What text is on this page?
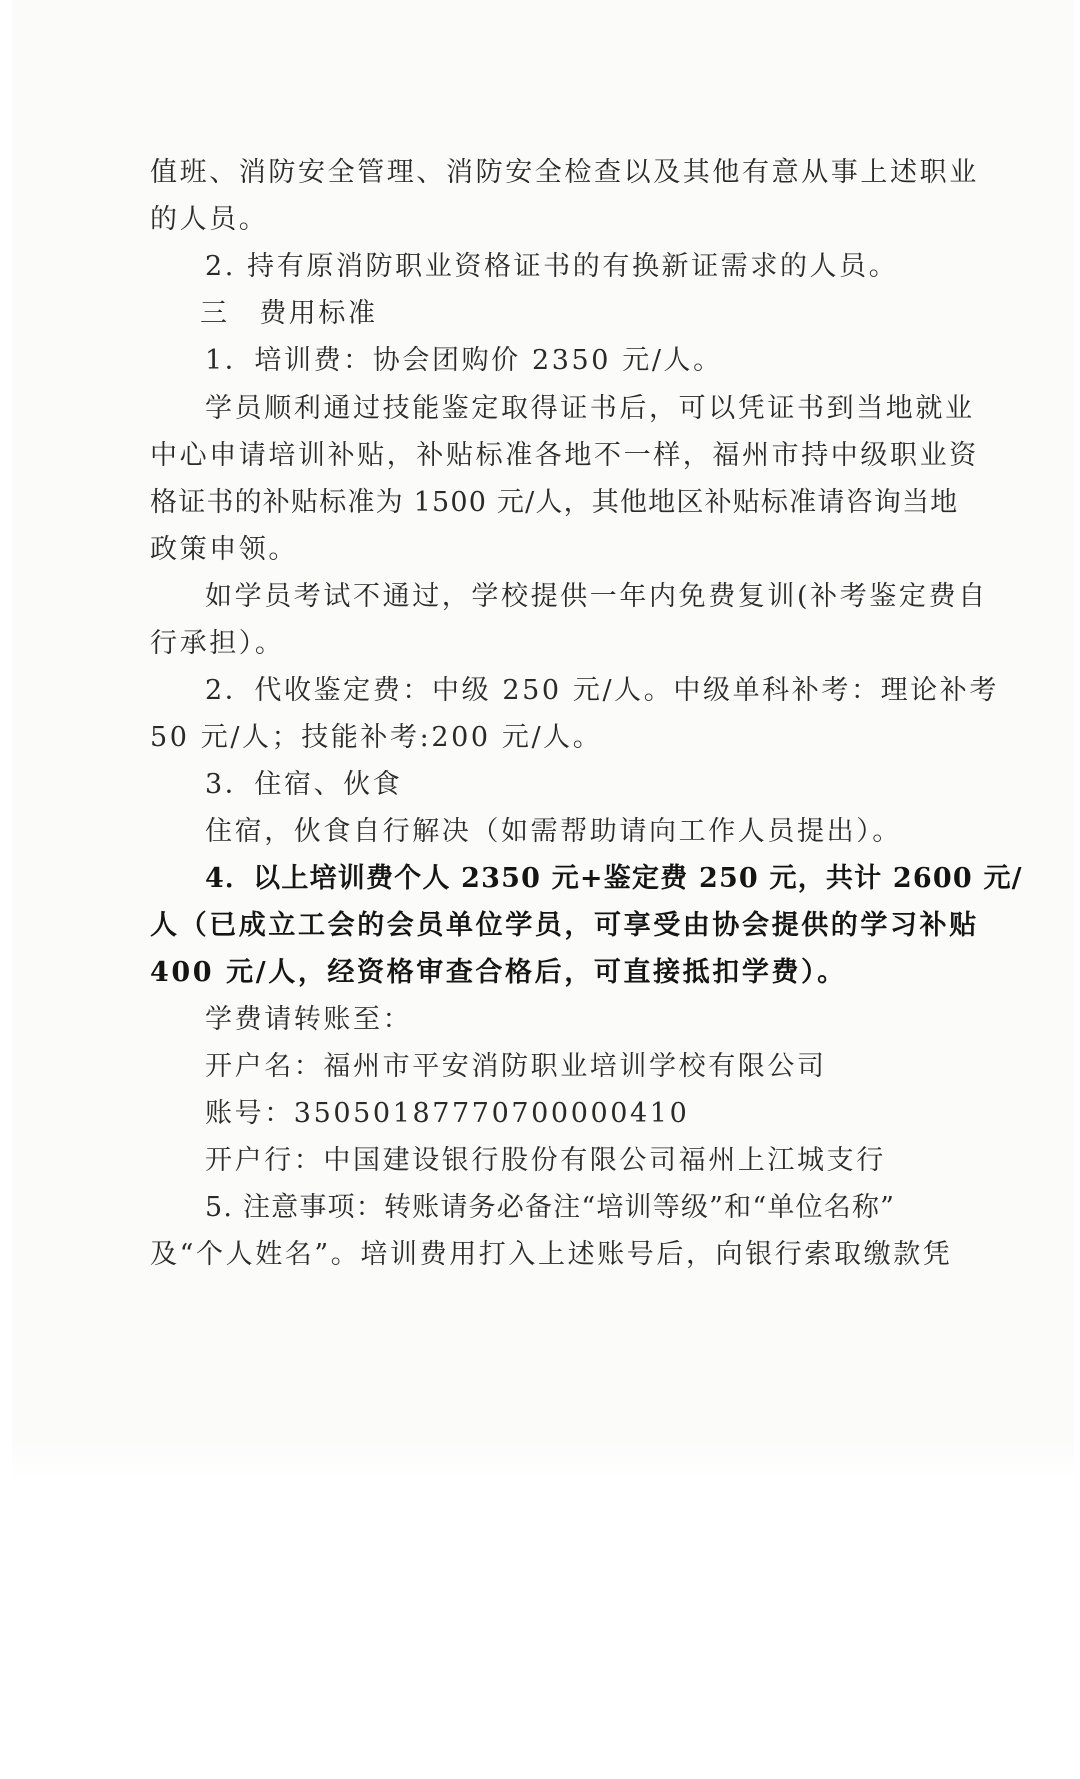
值班、消防安全管理、消防安全检查以及其他有意从事上述职业

的人员。

2. 持有原消防职业资格证书的有换新证需求的人员。

三　费用标准

1．培训费：协会团购价 2350 元/人。

学员顺利通过技能鉴定取得证书后，可以凭证书到当地就业

中心申请培训补贴，补贴标准各地不一样，福州市持中级职业资

格证书的补贴标准为 1500 元/人，其他地区补贴标准请咨询当地

政策申领。

如学员考试不通过，学校提供一年内免费复训(补考鉴定费自

行承担）。

2．代收鉴定费：中级 250 元/人。中级单科补考：理论补考

50 元/人；技能补考:200 元/人。

3．住宿、伙食

住宿，伙食自行解决（如需帮助请向工作人员提出）。

4．以上培训费个人 2350 元+鉴定费 250 元，共计 2600 元/

人（已成立工会的会员单位学员，可享受由协会提供的学习补贴

400 元/人，经资格审查合格后，可直接抵扣学费）。

学费请转账至：

开户名：福州市平安消防职业培训学校有限公司

账号：35050187770700000410

开户行：中国建设银行股份有限公司福州上江城支行

5. 注意事项：转账请务必备注“培训等级”和“单位名称”

及“个人姓名”。培训费用打入上述账号后，向银行索取缴款凭
